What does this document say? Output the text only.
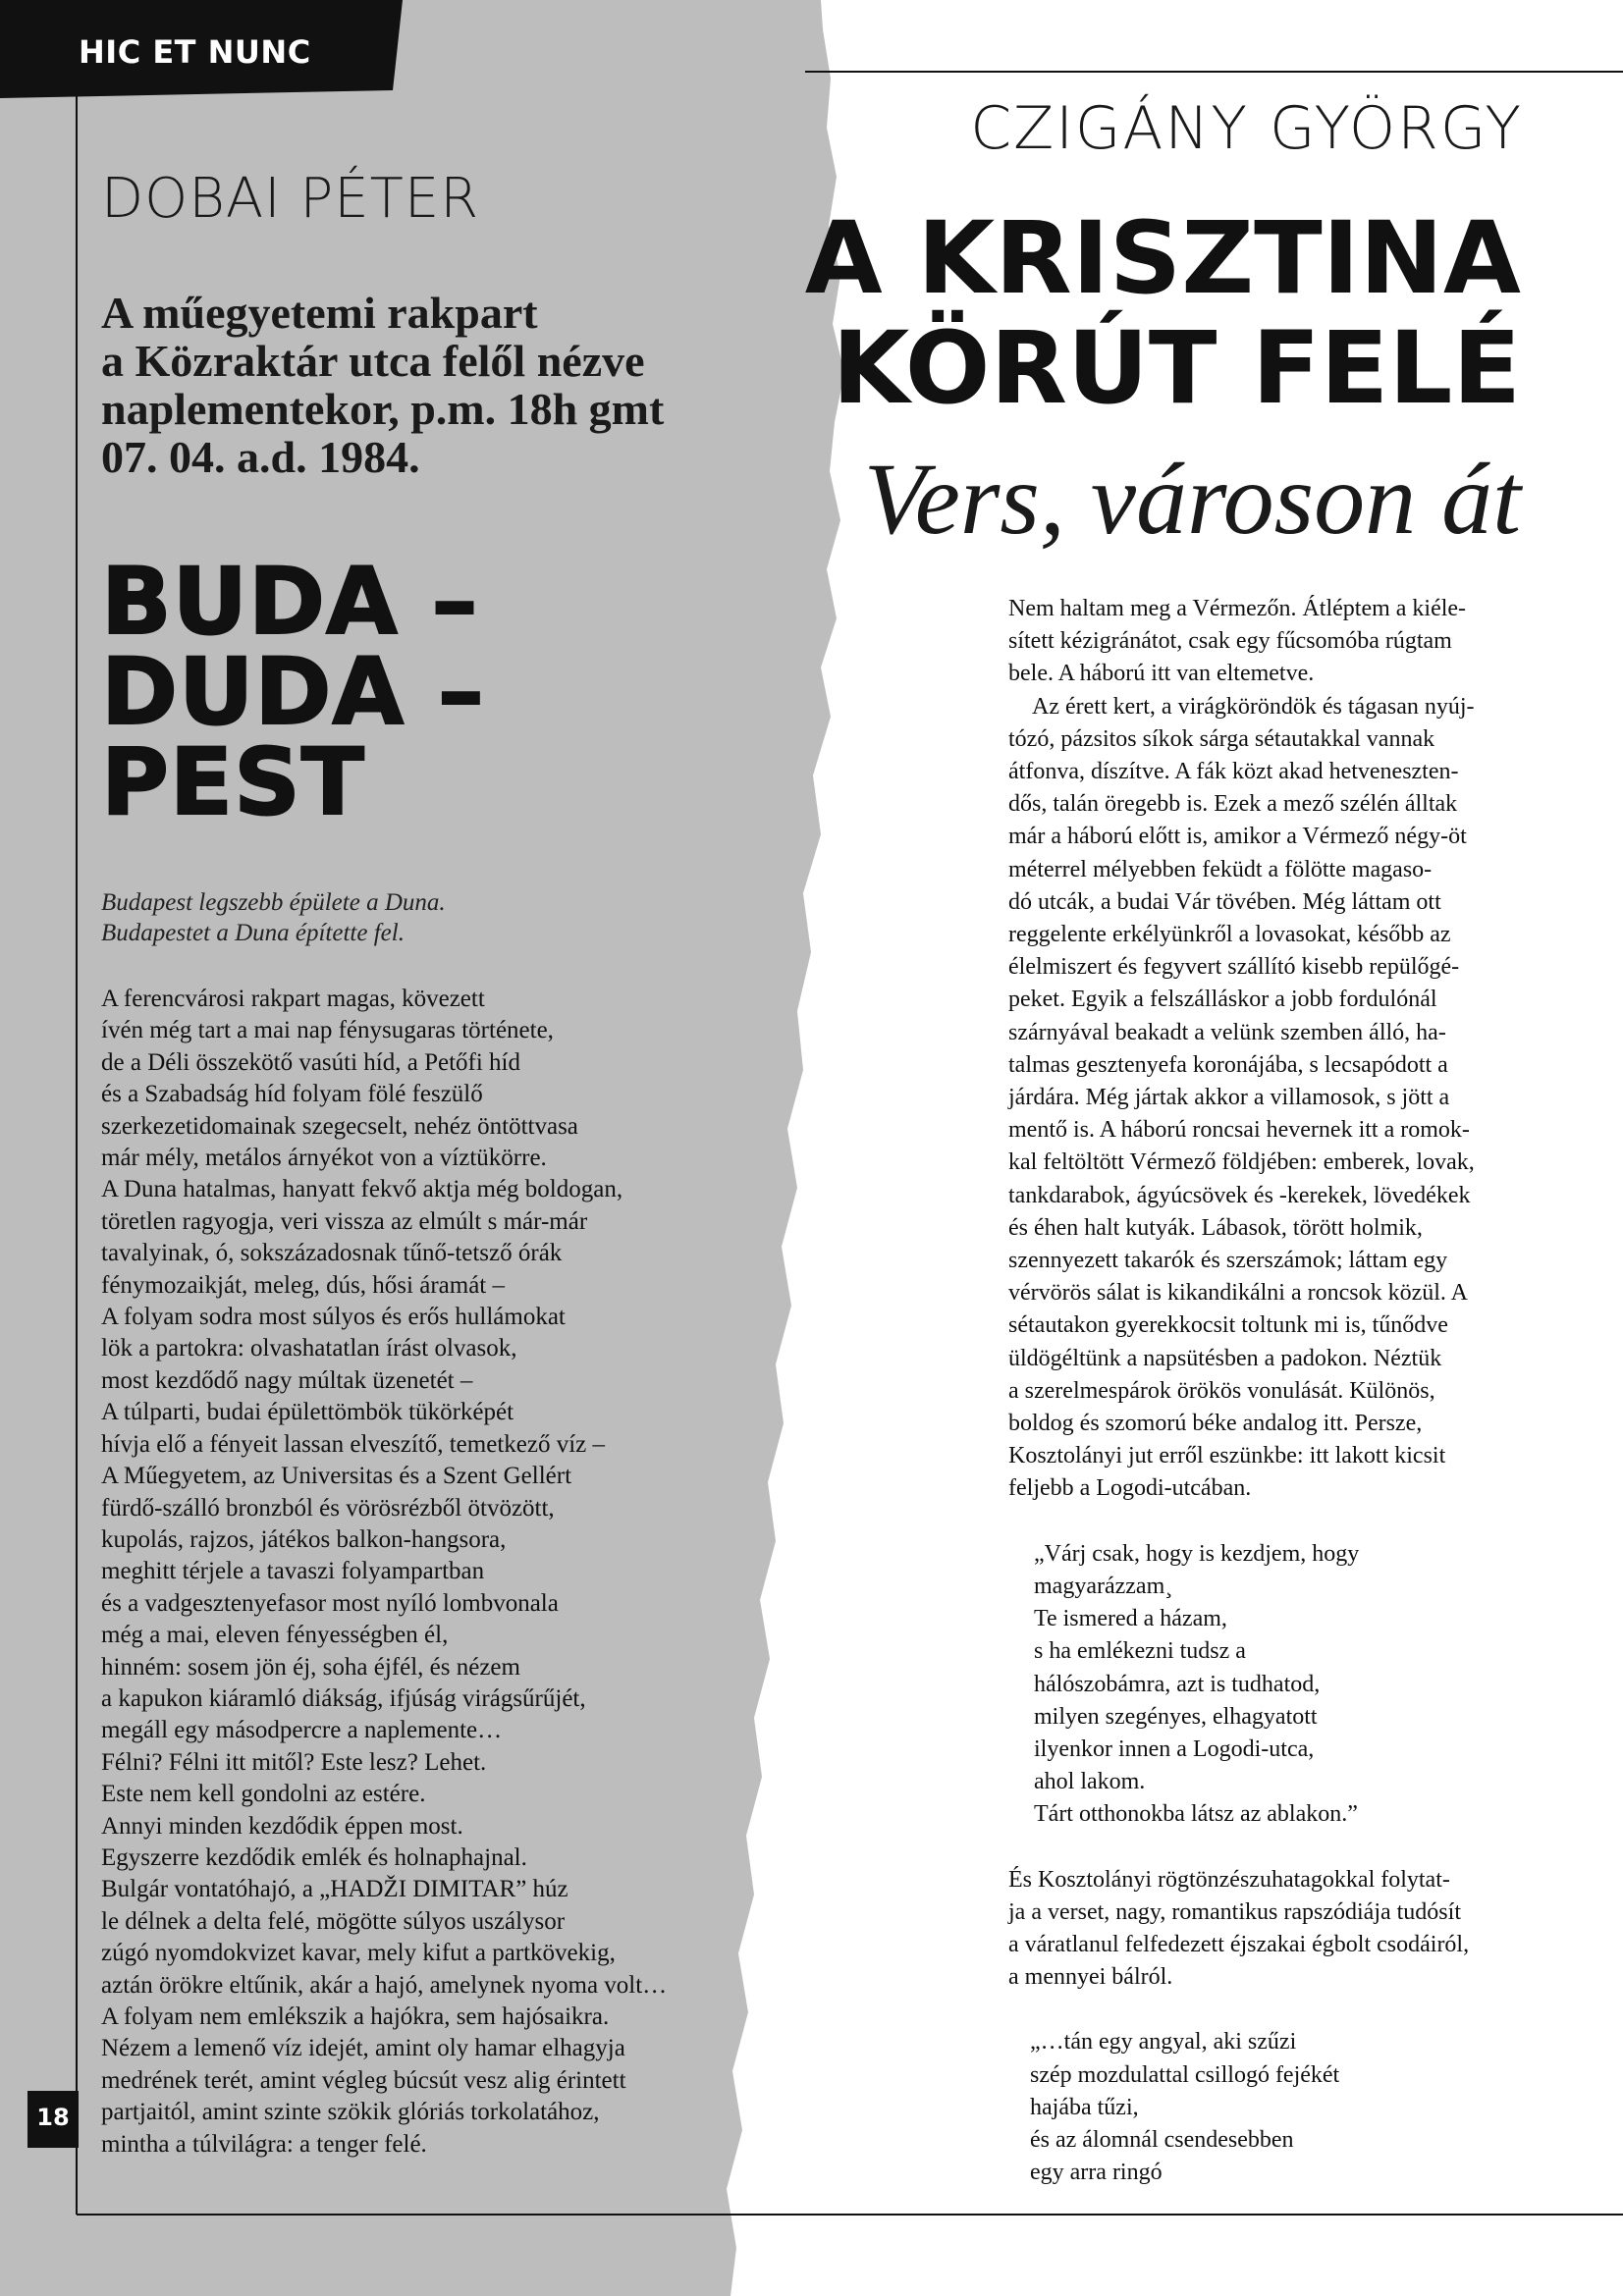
HIC ET NUNC
DOBAI PÉTER
A műegyetemi rakpart
a Közraktár utca felől nézve
naplementekor, p.m. 18h gmt
07. 04. a.d. 1984.
BUDA –
DUDA –
PEST
Budapest legszebb épülete a Duna.
Budapestet a Duna építette fel.
A ferencvárosi rakpart magas, kövezett
ívén még tart a mai nap fénysugaras története,
de a Déli összekötő vasúti híd, a Petőfi híd
és a Szabadság híd folyam fölé feszülő
szerkezetidomainak szegecselt, nehéz öntöttvasa
már mély, metálos árnyékot von a víztükörre.
A Duna hatalmas, hanyatt fekvő aktja még boldogan,
töretlen ragyogja, veri vissza az elmúlt s már-már
tavalyinak, ó, sokszázadosnak tűnő-tetsző órák
fénymozaikját, meleg, dús, hősi áramát –
A folyam sodra most súlyos és erős hullámokat
lök a partokra: olvashatatlan írást olvasok,
most kezdődő nagy múltak üzenetét –
A túlparti, budai épülettömbök tükörképét
hívja elő a fényeit lassan elveszítő, temetkező víz –
A Műegyetem, az Universitas és a Szent Gellért
fürdő-szálló bronzból és vörösrézből ötvözött,
kupolás, rajzos, játékos balkon-hangsora,
meghitt térjele a tavaszi folyampartban
és a vadgesztenyefasor most nyíló lombvonala
még a mai, eleven fényességben él,
hinném: sosem jön éj, soha éjfél, és nézem
a kapukon kiáramló diákság, ifjúság virágsűrűjét,
megáll egy másodpercre a naplemente…
Félni? Félni itt mitől? Este lesz? Lehet.
Este nem kell gondolni az estére.
Annyi minden kezdődik éppen most.
Egyszerre kezdődik emlék és holnaphajnal.
Bulgár vontatóhajó, a „HADŽI DIMITAR” húz
le délnek a delta felé, mögötte súlyos uszálysor
zúgó nyomdokvizet kavar, mely kifut a partkövekig,
aztán örökre eltűnik, akár a hajó, amelynek nyoma volt…
A folyam nem emlékszik a hajókra, sem hajósaikra.
Nézem a lemenő víz idejét, amint oly hamar elhagyja
medrének terét, amint végleg búcsút vesz alig érintett
partjaitól, amint szinte szökik glóriás torkolatához,
mintha a túlvilágra: a tenger felé.
18
CZIGÁNY GYÖRGY
A KRISZTINA
KÖRÚT FELÉ
Vers, városon át
Nem haltam meg a Vérmezőn. Átléptem a kiéle-
sített kézigránátot, csak egy fűcsomóba rúgtam
bele. A háború itt van eltemetve.
Az érett kert, a virágköröndök és tágasan nyúj-
tózó, pázsitos síkok sárga sétautakkal vannak
átfonva, díszítve. A fák közt akad hetveneszten-
dős, talán öregebb is. Ezek a mező szélén álltak
már a háború előtt is, amikor a Vérmező négy-öt
méterrel mélyebben feküdt a fölötte magaso-
dó utcák, a budai Vár tövében. Még láttam ott
reggelente erkélyünkről a lovasokat, később az
élelmiszert és fegyvert szállító kisebb repülőgé-
peket. Egyik a felszálláskor a jobb fordulónál
szárnyával beakadt a velünk szemben álló, ha-
talmas gesztenyefa koronájába, s lecsapódott a
járdára. Még jártak akkor a villamosok, s jött a
mentő is. A háború roncsai hevernek itt a romok-
kal feltöltött Vérmező földjében: emberek, lovak,
tankdarabok, ágyúcsövek és -kerekek, lövedékek
és éhen halt kutyák. Lábasok, törött holmik,
szennyezett takarók és szerszámok; láttam egy
vérvörös sálat is kikandikálni a roncsok közül. A
sétautakon gyerekkocsit toltunk mi is, tűnődve
üldögéltünk a napsütésben a padokon. Néztük
a szerelmespárok örökös vonulását. Különös,
boldog és szomorú béke andalog itt. Persze,
Kosztolányi jut erről eszünkbe: itt lakott kicsit
feljebb a Logodi-utcában.
„Várj csak, hogy is kezdjem, hogy
magyarázzam¸
Te ismered a házam,
s ha emlékezni tudsz a
hálószobámra, azt is tudhatod,
milyen szegényes, elhagyatott
ilyenkor innen a Logodi-utca,
ahol lakom.
Tárt otthonokba látsz az ablakon.”
És Kosztolányi rögtönzészuhatagokkal folytat-
ja a verset, nagy, romantikus rapszódiája tudósít
a váratlanul felfedezett éjszakai égbolt csodáiról,
a mennyei bálról.
„…tán egy angyal, aki szűzi
szép mozdulattal csillogó fejékét
hajába tűzi,
és az álomnál csendesebben
egy arra ringó
